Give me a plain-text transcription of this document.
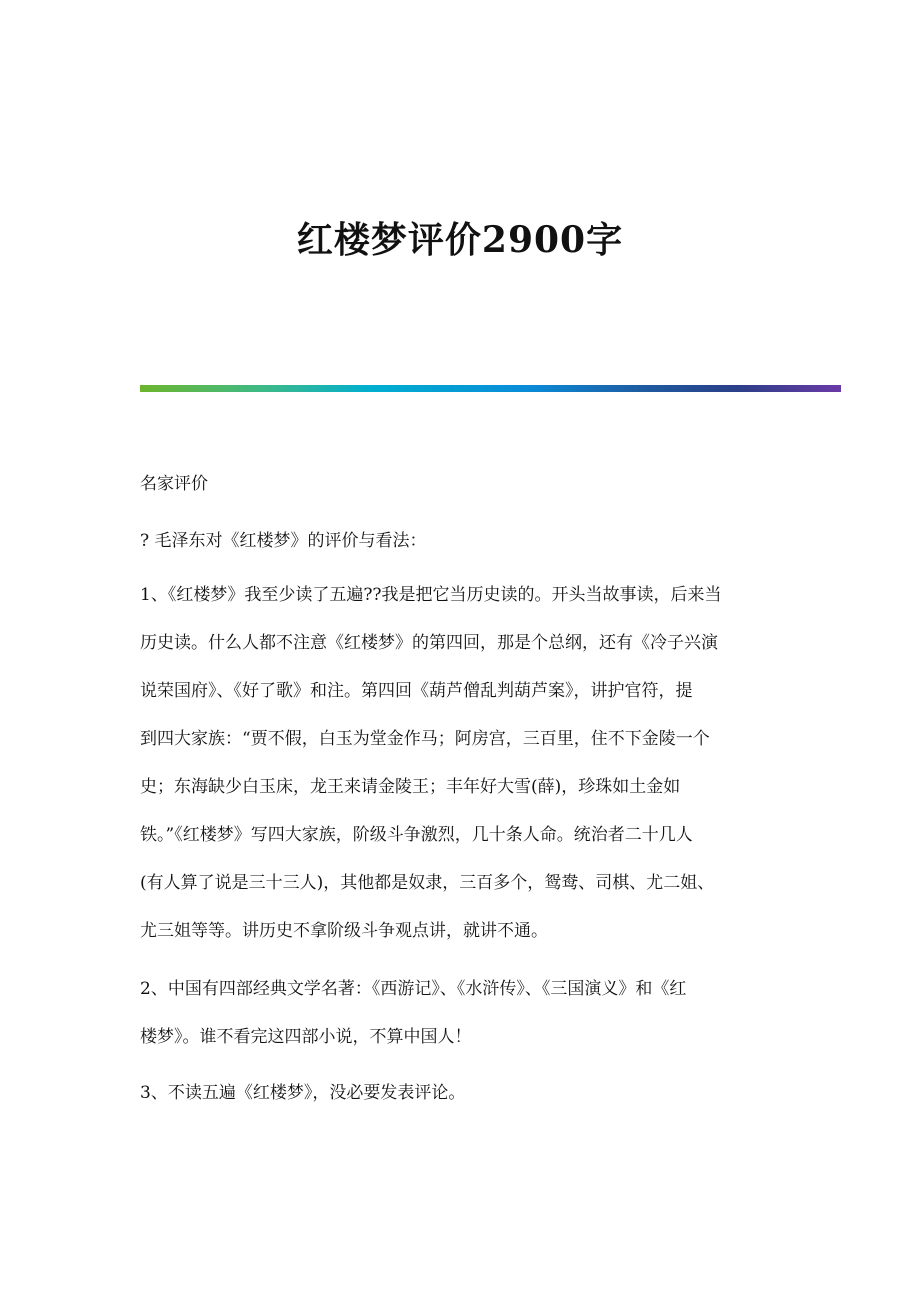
红楼梦评价2900字
名家评价
? 毛泽东对《红楼梦》的评价与看法：
1、《红楼梦》我至少读了五遍??我是把它当历史读的。开头当故事读，后来当
历史读。什么人都不注意《红楼梦》的第四回，那是个总纲，还有《冷子兴演
说荣国府》、《好了歌》和注。第四回《葫芦僧乱判葫芦案》，讲护官符，提
到四大家族：“贾不假，白玉为堂金作马；阿房宫，三百里，住不下金陵一个
史；东海缺少白玉床，龙王来请金陵王；丰年好大雪(薛)，珍珠如土金如
铁。”《红楼梦》写四大家族，阶级斗争激烈，几十条人命。统治者二十几人
(有人算了说是三十三人)，其他都是奴隶，三百多个，鸳鸯、司棋、尤二姐、
尤三姐等等。讲历史不拿阶级斗争观点讲，就讲不通。
2、中国有四部经典文学名著：《西游记》、《水浒传》、《三国演义》和《红
楼梦》。谁不看完这四部小说，不算中国人！
3、不读五遍《红楼梦》，没必要发表评论。
